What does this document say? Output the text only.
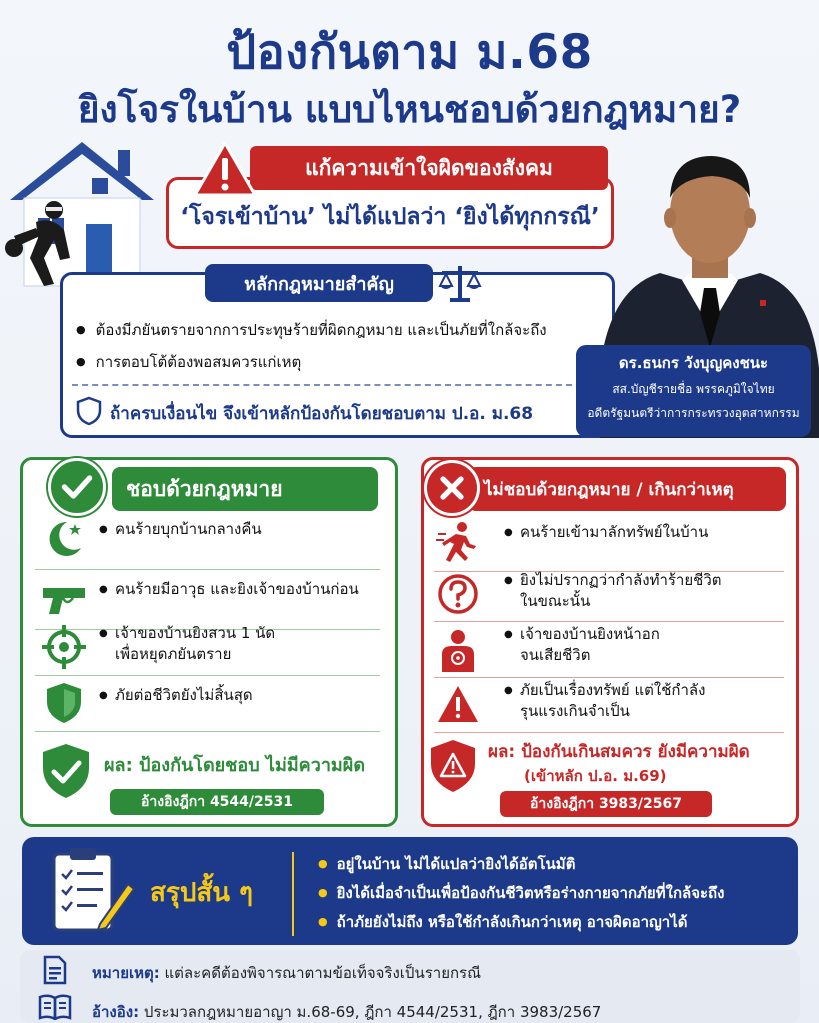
ป้องกันตาม ม.68
ยิงโจรในบ้าน แบบไหนชอบด้วยกฎหมาย?
แก้ความเข้าใจผิดของสังคม
‘โจรเข้าบ้าน’ ไม่ได้แปลว่า ‘ยิงได้ทุกกรณี’
หลักกฎหมายสำคัญ
● ต้องมีภยันตรายจากการประทุษร้ายที่ผิดกฎหมาย และเป็นภัยที่ใกล้จะถึง
● การตอบโต้ต้องพอสมควรแก่เหตุ
ถ้าครบเงื่อนไข จึงเข้าหลักป้องกันโดยชอบตาม ป.อ. ม.68
ดร.ธนกร วังบุญคงชนะ
สส.บัญชีรายชื่อ พรรคภูมิใจไทย
อดีตรัฐมนตรีว่าการกระทรวงอุตสาหกรรม
ชอบด้วยกฎหมาย
● คนร้ายบุกบ้านกลางคืน
● คนร้ายมีอาวุธ และยิงเจ้าของบ้านก่อน
● เจ้าของบ้านยิงสวน 1 นัด
เพื่อหยุดภยันตราย
● ภัยต่อชีวิตยังไม่สิ้นสุด
ผล: ป้องกันโดยชอบ ไม่มีความผิด
อ้างอิงฎีกา 4544/2531
ไม่ชอบด้วยกฎหมาย / เกินกว่าเหตุ
● คนร้ายเข้ามาลักทรัพย์ในบ้าน
● ยิงไม่ปรากฏว่ากำลังทำร้ายชีวิต
ในขณะนั้น
● เจ้าของบ้านยิงหน้าอก
จนเสียชีวิต
● ภัยเป็นเรื่องทรัพย์ แต่ใช้กำลัง
รุนแรงเกินจำเป็น
ผล: ป้องกันเกินสมควร ยังมีความผิด
(เข้าหลัก ป.อ. ม.69)
อ้างอิงฎีกา 3983/2567
สรุปสั้น ๆ
● อยู่ในบ้าน ไม่ได้แปลว่ายิงได้อัตโนมัติ
● ยิงได้เมื่อจำเป็นเพื่อป้องกันชีวิตหรือร่างกายจากภัยที่ใกล้จะถึง
● ถ้าภัยยังไม่ถึง หรือใช้กำลังเกินกว่าเหตุ อาจผิดอาญาได้
หมายเหตุ: แต่ละคดีต้องพิจารณาตามข้อเท็จจริงเป็นรายกรณี
อ้างอิง: ประมวลกฎหมายอาญา ม.68-69, ฎีกา 4544/2531, ฎีกา 3983/2567
